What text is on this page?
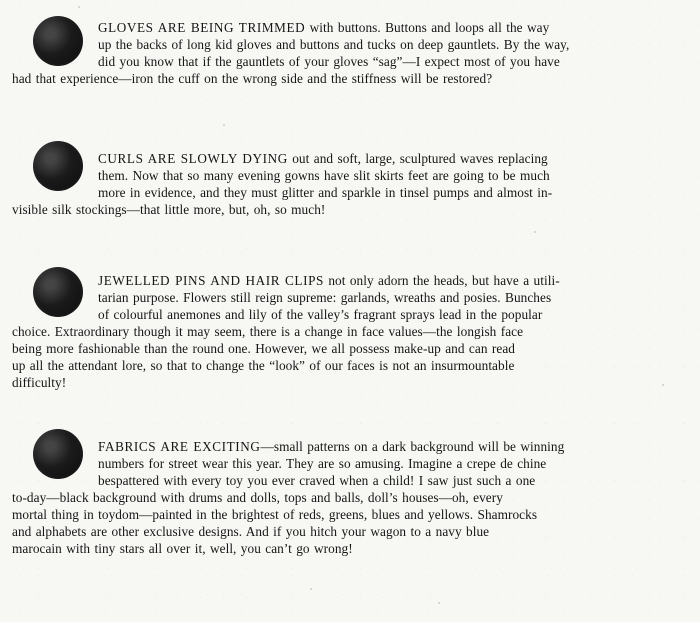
GLOVES ARE BEING TRIMMED with buttons. Buttons and loops all the way
up the backs of long kid gloves and buttons and tucks on deep gauntlets. By the way,
did you know that if the gauntlets of your gloves “sag”—I expect most of you have
had that experience—iron the cuff on the wrong side and the stiffness will be restored?
CURLS ARE SLOWLY DYING out and soft, large, sculptured waves replacing
them. Now that so many evening gowns have slit skirts feet are going to be much
more in evidence, and they must glitter and sparkle in tinsel pumps and almost in-
visible silk stockings—that little more, but, oh, so much!
JEWELLED PINS AND HAIR CLIPS not only adorn the heads, but have a utili-
tarian purpose. Flowers still reign supreme: garlands, wreaths and posies. Bunches
of colourful anemones and lily of the valley’s fragrant sprays lead in the popular
choice. Extraordinary though it may seem, there is a change in face values—the longish face
being more fashionable than the round one. However, we all possess make-up and can read
up all the attendant lore, so that to change the “look” of our faces is not an insurmountable
difficulty!
FABRICS ARE EXCITING—small patterns on a dark background will be winning
numbers for street wear this year. They are so amusing. Imagine a crepe de chine
bespattered with every toy you ever craved when a child! I saw just such a one
to-day—black background with drums and dolls, tops and balls, doll’s houses—oh, every
mortal thing in toydom—painted in the brightest of reds, greens, blues and yellows. Shamrocks
and alphabets are other exclusive designs. And if you hitch your wagon to a navy blue
marocain with tiny stars all over it, well, you can’t go wrong!
